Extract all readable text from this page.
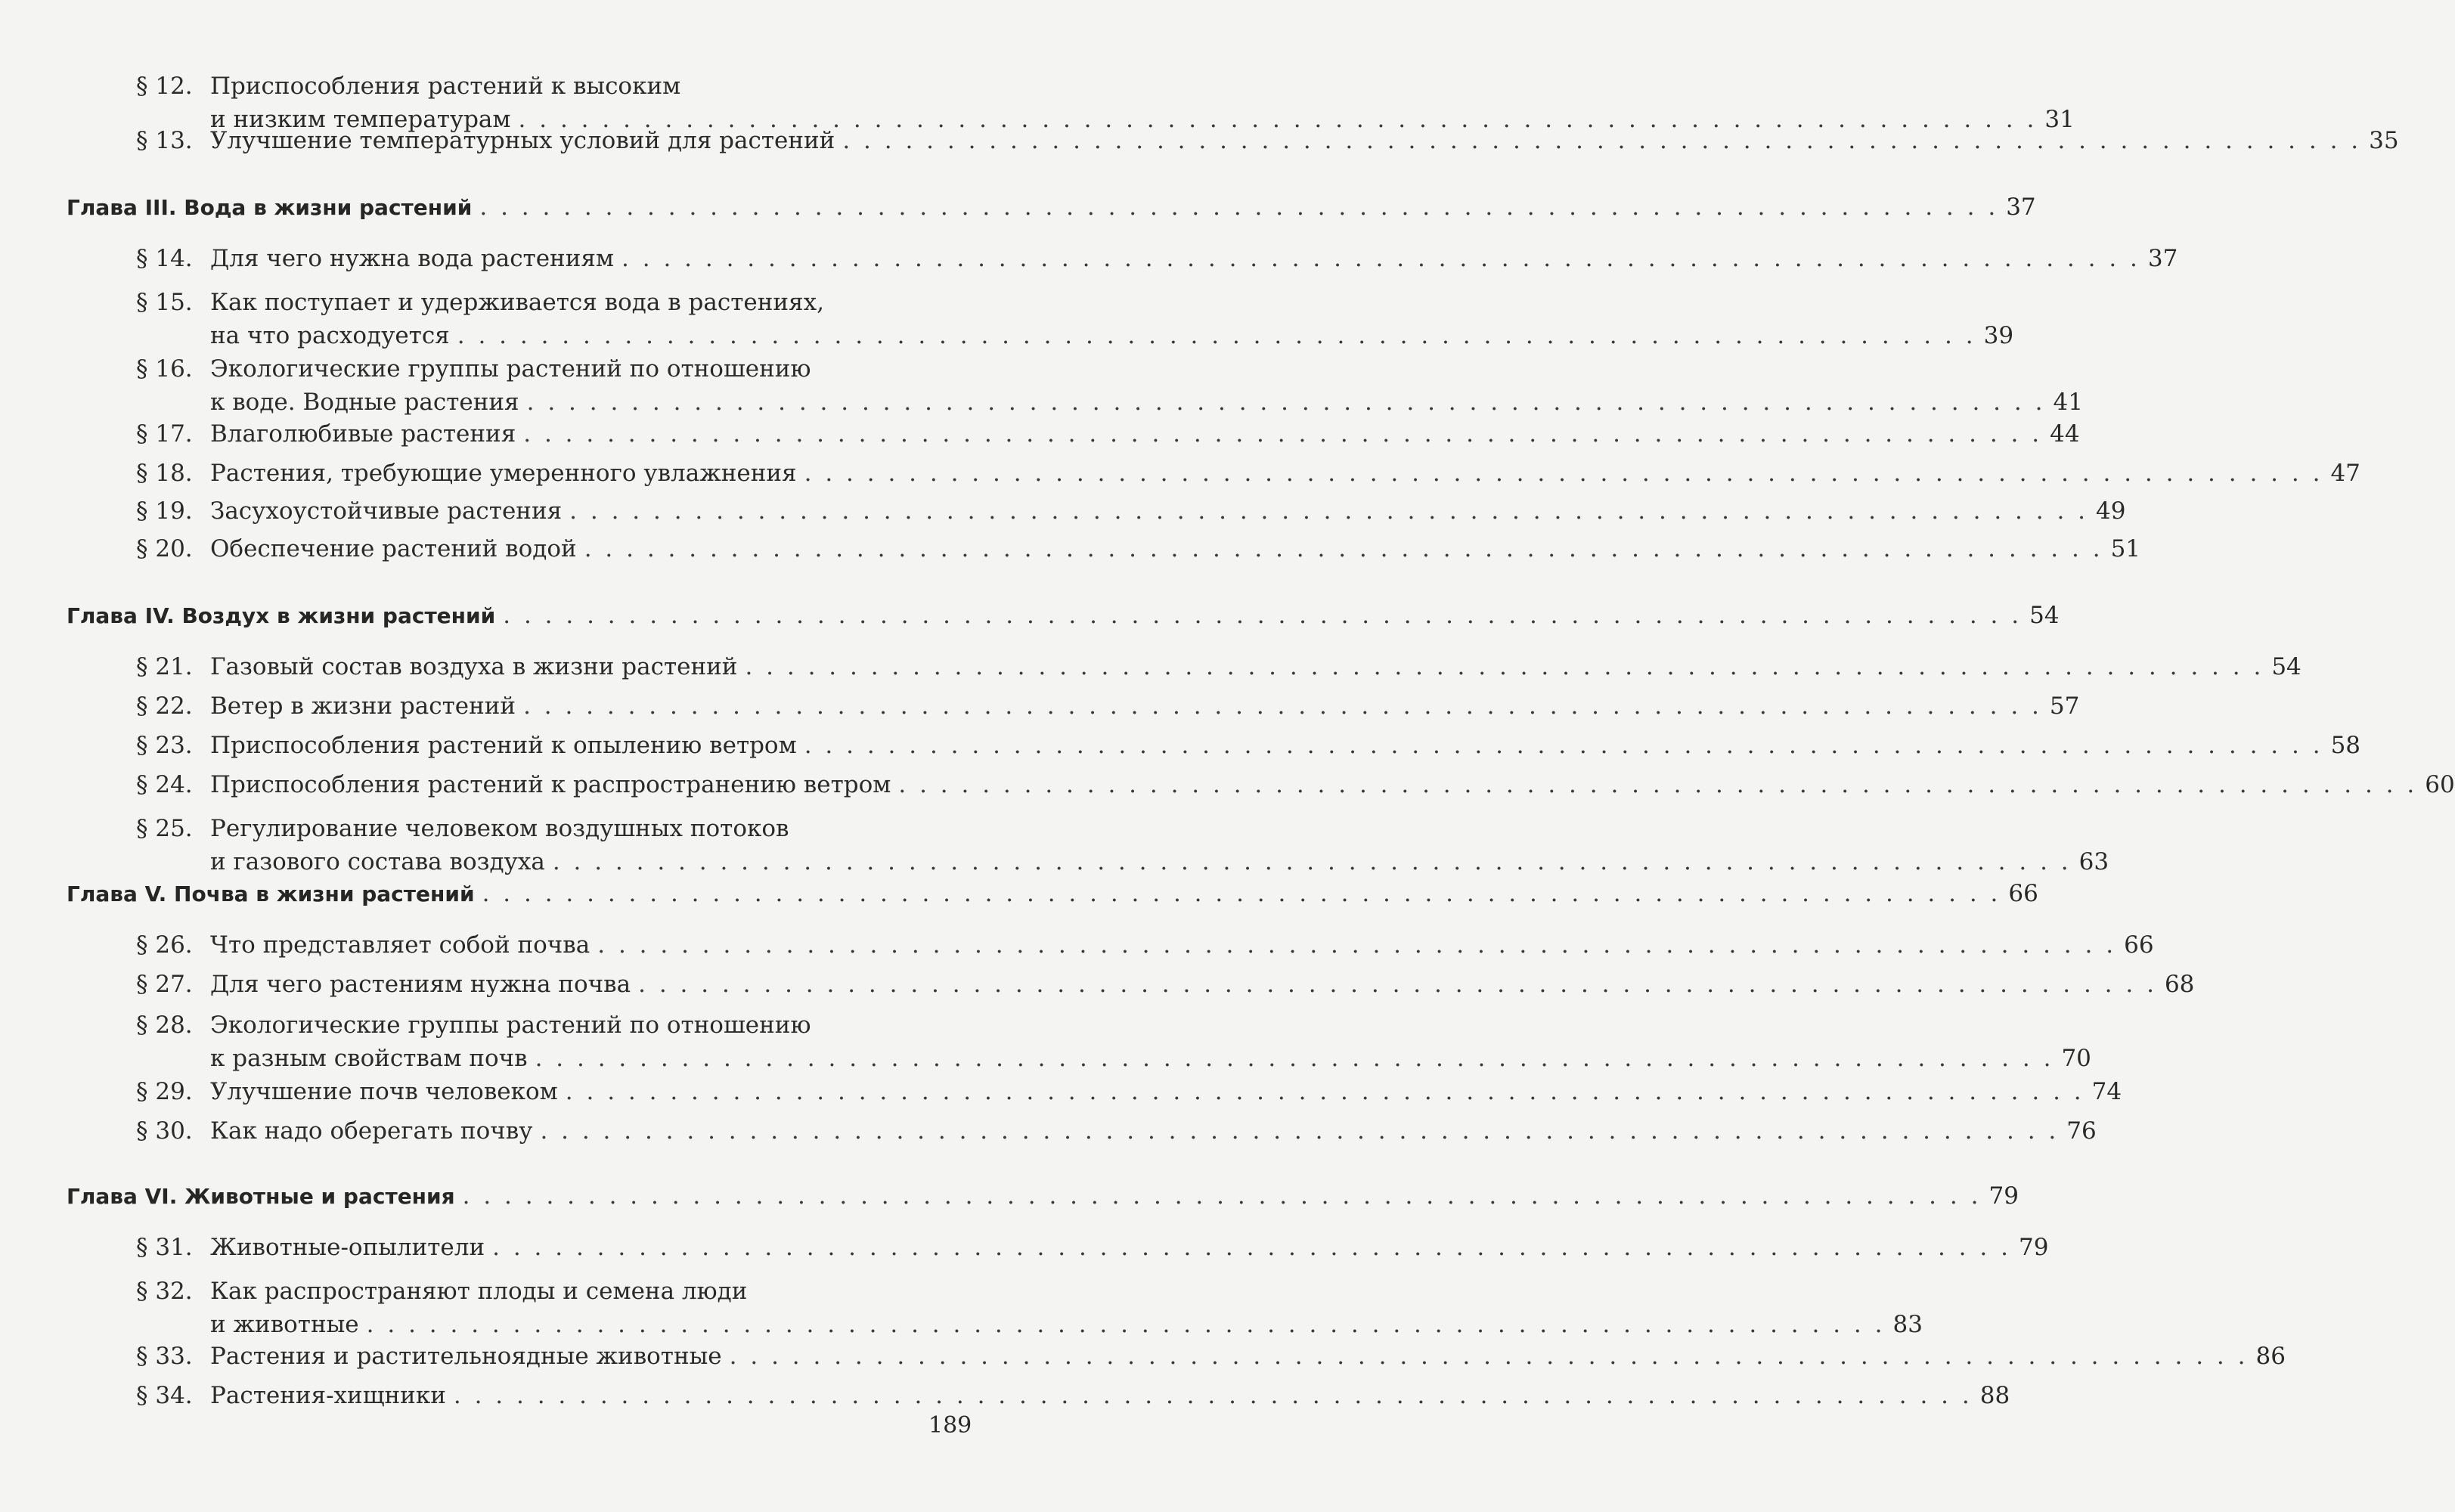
§ 12. Приспособления растений к высоким
и низким температурам . . . . . . . . . . . . . . . . . . . . . . . . . . . . . . . . . . . . . . . . . . . . . . . . . . . . . . . . . . . . . . . . . . . . . . . . . 31
§ 13. Улучшение температурных условий для растений . . . . . . . . . . . . . . . . . . . . . . . . . . . . . . . . . . . . . . . . . . . . . . . . . . . . . . . . . . . . . . . . . . . . . . . . . 35
Глава III. Вода в жизни растений . . . . . . . . . . . . . . . . . . . . . . . . . . . . . . . . . . . . . . . . . . . . . . . . . . . . . . . . . . . . . . . . . . . . . . . . . 37
§ 14. Для чего нужна вода растениям . . . . . . . . . . . . . . . . . . . . . . . . . . . . . . . . . . . . . . . . . . . . . . . . . . . . . . . . . . . . . . . . . . . . . . . . . 37
§ 15. Как поступает и удерживается вода в растениях,
на что расходуется . . . . . . . . . . . . . . . . . . . . . . . . . . . . . . . . . . . . . . . . . . . . . . . . . . . . . . . . . . . . . . . . . . . . . . . . . 39
§ 16. Экологические группы растений по отношению
к воде. Водные растения . . . . . . . . . . . . . . . . . . . . . . . . . . . . . . . . . . . . . . . . . . . . . . . . . . . . . . . . . . . . . . . . . . . . . . . . . 41
§ 17. Влаголюбивые растения . . . . . . . . . . . . . . . . . . . . . . . . . . . . . . . . . . . . . . . . . . . . . . . . . . . . . . . . . . . . . . . . . . . . . . . . . 44
§ 18. Растения, требующие умеренного увлажнения . . . . . . . . . . . . . . . . . . . . . . . . . . . . . . . . . . . . . . . . . . . . . . . . . . . . . . . . . . . . . . . . . . . . . . . . . 47
§ 19. Засухоустойчивые растения . . . . . . . . . . . . . . . . . . . . . . . . . . . . . . . . . . . . . . . . . . . . . . . . . . . . . . . . . . . . . . . . . . . . . . . . . 49
§ 20. Обеспечение растений водой . . . . . . . . . . . . . . . . . . . . . . . . . . . . . . . . . . . . . . . . . . . . . . . . . . . . . . . . . . . . . . . . . . . . . . . . . 51
Глава IV. Воздух в жизни растений . . . . . . . . . . . . . . . . . . . . . . . . . . . . . . . . . . . . . . . . . . . . . . . . . . . . . . . . . . . . . . . . . . . . . . . . . 54
§ 21. Газовый состав воздуха в жизни растений . . . . . . . . . . . . . . . . . . . . . . . . . . . . . . . . . . . . . . . . . . . . . . . . . . . . . . . . . . . . . . . . . . . . . . . . . 54
§ 22. Ветер в жизни растений . . . . . . . . . . . . . . . . . . . . . . . . . . . . . . . . . . . . . . . . . . . . . . . . . . . . . . . . . . . . . . . . . . . . . . . . . 57
§ 23. Приспособления растений к опылению ветром . . . . . . . . . . . . . . . . . . . . . . . . . . . . . . . . . . . . . . . . . . . . . . . . . . . . . . . . . . . . . . . . . . . . . . . . . 58
§ 24. Приспособления растений к распространению ветром . . . . . . . . . . . . . . . . . . . . . . . . . . . . . . . . . . . . . . . . . . . . . . . . . . . . . . . . . . . . . . . . . . . . . . . . . 60
§ 25. Регулирование человеком воздушных потоков
и газового состава воздуха . . . . . . . . . . . . . . . . . . . . . . . . . . . . . . . . . . . . . . . . . . . . . . . . . . . . . . . . . . . . . . . . . . . . . . . . . 63
Глава V. Почва в жизни растений . . . . . . . . . . . . . . . . . . . . . . . . . . . . . . . . . . . . . . . . . . . . . . . . . . . . . . . . . . . . . . . . . . . . . . . . . 66
§ 26. Что представляет собой почва . . . . . . . . . . . . . . . . . . . . . . . . . . . . . . . . . . . . . . . . . . . . . . . . . . . . . . . . . . . . . . . . . . . . . . . . . 66
§ 27. Для чего растениям нужна почва . . . . . . . . . . . . . . . . . . . . . . . . . . . . . . . . . . . . . . . . . . . . . . . . . . . . . . . . . . . . . . . . . . . . . . . . . 68
§ 28. Экологические группы растений по отношению
к разным свойствам почв . . . . . . . . . . . . . . . . . . . . . . . . . . . . . . . . . . . . . . . . . . . . . . . . . . . . . . . . . . . . . . . . . . . . . . . . . 70
§ 29. Улучшение почв человеком . . . . . . . . . . . . . . . . . . . . . . . . . . . . . . . . . . . . . . . . . . . . . . . . . . . . . . . . . . . . . . . . . . . . . . . . . 74
§ 30. Как надо оберегать почву . . . . . . . . . . . . . . . . . . . . . . . . . . . . . . . . . . . . . . . . . . . . . . . . . . . . . . . . . . . . . . . . . . . . . . . . . 76
Глава VI. Животные и растения . . . . . . . . . . . . . . . . . . . . . . . . . . . . . . . . . . . . . . . . . . . . . . . . . . . . . . . . . . . . . . . . . . . . . . . . . 79
§ 31. Животные-опылители . . . . . . . . . . . . . . . . . . . . . . . . . . . . . . . . . . . . . . . . . . . . . . . . . . . . . . . . . . . . . . . . . . . . . . . . . 79
§ 32. Как распространяют плоды и семена люди
и животные . . . . . . . . . . . . . . . . . . . . . . . . . . . . . . . . . . . . . . . . . . . . . . . . . . . . . . . . . . . . . . . . . . . . . . . . . 83
§ 33. Растения и растительноядные животные . . . . . . . . . . . . . . . . . . . . . . . . . . . . . . . . . . . . . . . . . . . . . . . . . . . . . . . . . . . . . . . . . . . . . . . . . 86
§ 34. Растения-хищники . . . . . . . . . . . . . . . . . . . . . . . . . . . . . . . . . . . . . . . . . . . . . . . . . . . . . . . . . . . . . . . . . . . . . . . . . 88
189
